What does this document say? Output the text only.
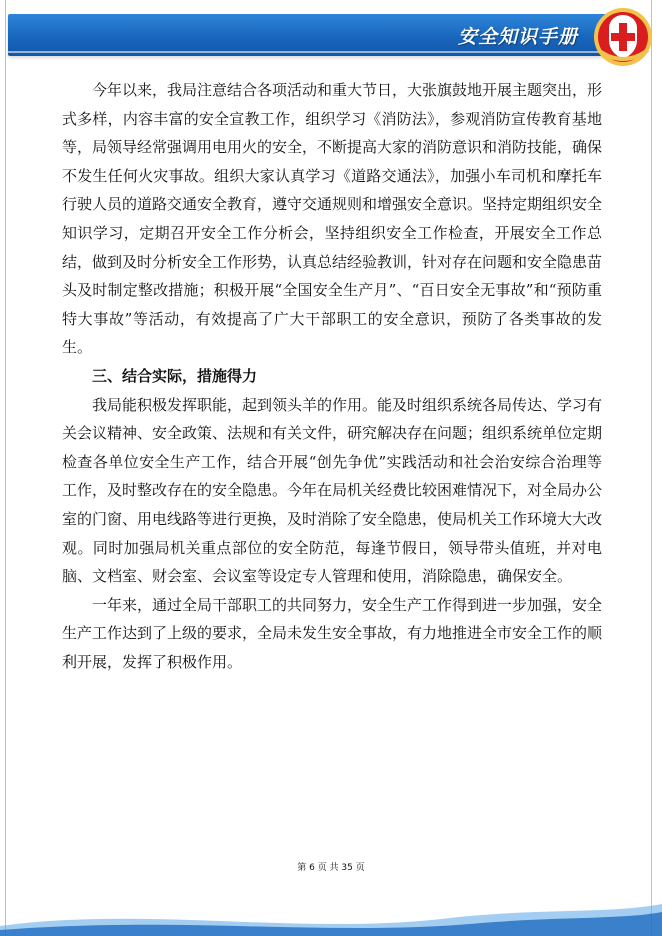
安全知识手册

今年以来，我局注意结合各项活动和重大节日，大张旗鼓地开展主题突出，形式多样，内容丰富的安全宣教工作，组织学习《消防法》，参观消防宣传教育基地等，局领导经常强调用电用火的安全，不断提高大家的消防意识和消防技能，确保不发生任何火灾事故。组织大家认真学习《道路交通法》，加强小车司机和摩托车行驶人员的道路交通安全教育，遵守交通规则和增强安全意识。坚持定期组织安全知识学习，定期召开安全工作分析会，坚持组织安全工作检查，开展安全工作总结，做到及时分析安全工作形势，认真总结经验教训，针对存在问题和安全隐患苗头及时制定整改措施；积极开展“全国安全生产月”、“百日安全无事故”和“预防重特大事故”等活动，有效提高了广大干部职工的安全意识，预防了各类事故的发生。

三、结合实际，措施得力

我局能积极发挥职能，起到领头羊的作用。能及时组织系统各局传达、学习有关会议精神、安全政策、法规和有关文件，研究解决存在问题；组织系统单位定期检查各单位安全生产工作，结合开展“创先争优”实践活动和社会治安综合治理等工作，及时整改存在的安全隐患。今年在局机关经费比较困难情况下，对全局办公室的门窗、用电线路等进行更换，及时消除了安全隐患，使局机关工作环境大大改观。同时加强局机关重点部位的安全防范，每逢节假日，领导带头值班，并对电脑、文档室、财会室、会议室等设定专人管理和使用，消除隐患，确保安全。

一年来，通过全局干部职工的共同努力，安全生产工作得到进一步加强，安全生产工作达到了上级的要求，全局未发生安全事故，有力地推进全市安全工作的顺利开展，发挥了积极作用。

第 6 页 共 35 页
